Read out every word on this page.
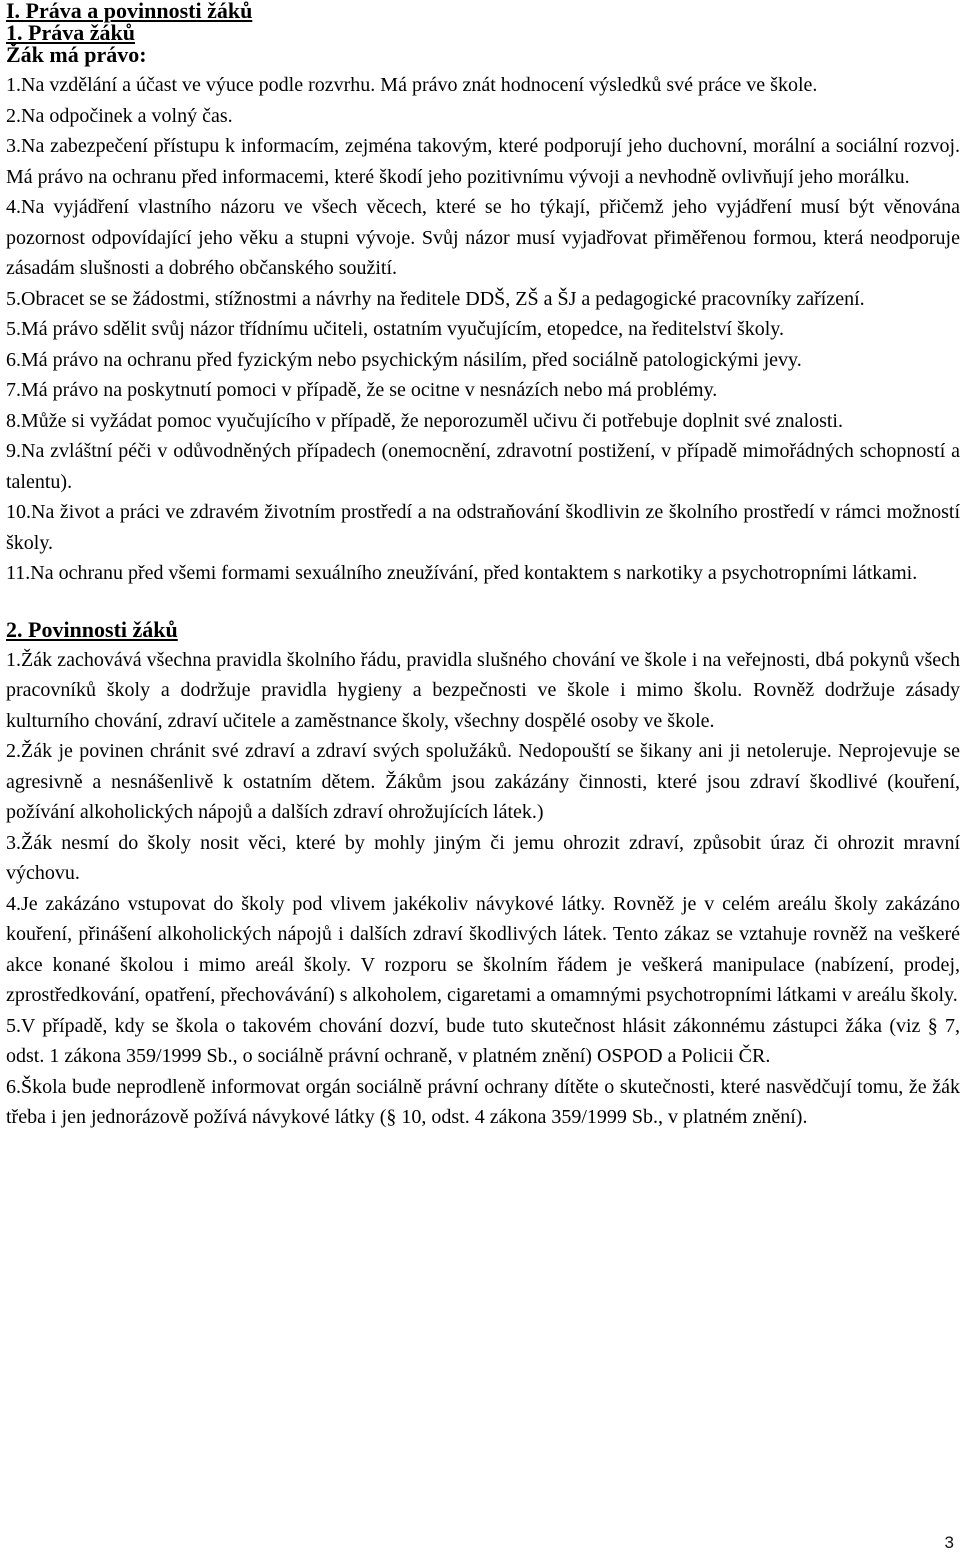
I. Práva a povinnosti žáků
1. Práva žáků
Žák má právo:

1.Na vzdělání a účast ve výuce podle rozvrhu. Má právo znát hodnocení výsledků své práce ve škole.

2.Na odpočinek a volný čas.

3.Na zabezpečení přístupu k informacím, zejména takovým, které podporují jeho duchovní, morální a sociální rozvoj. Má právo na ochranu před informacemi, které škodí jeho pozitivnímu vývoji a nevhodně ovlivňují jeho morálku.

4.Na vyjádření vlastního názoru ve všech věcech, které se ho týkají, přičemž jeho vyjádření musí být věnována pozornost odpovídající jeho věku a stupni vývoje. Svůj názor musí vyjadřovat přiměřenou formou, která neodporuje zásadám slušnosti a dobrého občanského soužití.

5.Obracet se se žádostmi, stížnostmi a návrhy na ředitele DDŠ, ZŠ a ŠJ a pedagogické pracovníky zařízení.

5.Má právo sdělit svůj názor třídnímu učiteli, ostatním vyučujícím, etopedce, na ředitelství školy.

6.Má právo na ochranu před fyzickým nebo psychickým násilím, před sociálně patologickými jevy.

7.Má právo na poskytnutí pomoci v případě, že se ocitne v nesnázích nebo má problémy.

8.Může si vyžádat pomoc vyučujícího v případě, že neporozuměl učivu či potřebuje doplnit své znalosti.

9.Na zvláštní péči v odůvodněných případech (onemocnění, zdravotní postižení, v případě mimořádných schopností a talentu).

10.Na život a práci ve zdravém životním prostředí a na odstraňování škodlivin ze školního prostředí v rámci možností školy.

11.Na ochranu před všemi formami sexuálního zneužívání, před kontaktem s narkotiky a psychotropními látkami.

2. Povinnosti žáků

1.Žák zachovává všechna pravidla školního řádu, pravidla slušného chování ve škole i na veřejnosti, dbá pokynů všech pracovníků školy a dodržuje pravidla hygieny a bezpečnosti ve škole i mimo školu. Rovněž dodržuje zásady kulturního chování, zdraví učitele a zaměstnance školy, všechny dospělé osoby ve škole.

2.Žák je povinen chránit své zdraví a zdraví svých spolužáků. Nedopouští se šikany ani ji netoleruje. Neprojevuje se agresivně a nesnášenlivě k ostatním dětem. Žákům jsou zakázány činnosti, které jsou zdraví škodlivé (kouření, požívání alkoholických nápojů a dalších zdraví ohrožujících látek.)

3.Žák nesmí do školy nosit věci, které by mohly jiným či jemu ohrozit zdraví, způsobit úraz či ohrozit mravní výchovu.

4.Je zakázáno vstupovat do školy pod vlivem jakékoliv návykové látky. Rovněž je v celém areálu školy zakázáno kouření, přinášení alkoholických nápojů i dalších zdraví škodlivých látek. Tento zákaz se vztahuje rovněž na veškeré akce konané školou i mimo areál školy. V rozporu se školním řádem je veškerá manipulace (nabízení, prodej, zprostředkování, opatření, přechovávání) s alkoholem, cigaretami a omamnými psychotropními látkami v areálu školy.

5.V případě, kdy se škola o takovém chování dozví, bude tuto skutečnost hlásit zákonnému zástupci žáka (viz § 7, odst. 1 zákona 359/1999 Sb., o sociálně právní ochraně, v platném znění) OSPOD a Policii ČR.

6.Škola bude neprodleně informovat orgán sociálně právní ochrany dítěte o skutečnosti, které nasvědčují tomu, že žák třeba i jen jednorázově požívá návykové látky (§ 10, odst. 4 zákona 359/1999 Sb., v platném znění).

3
